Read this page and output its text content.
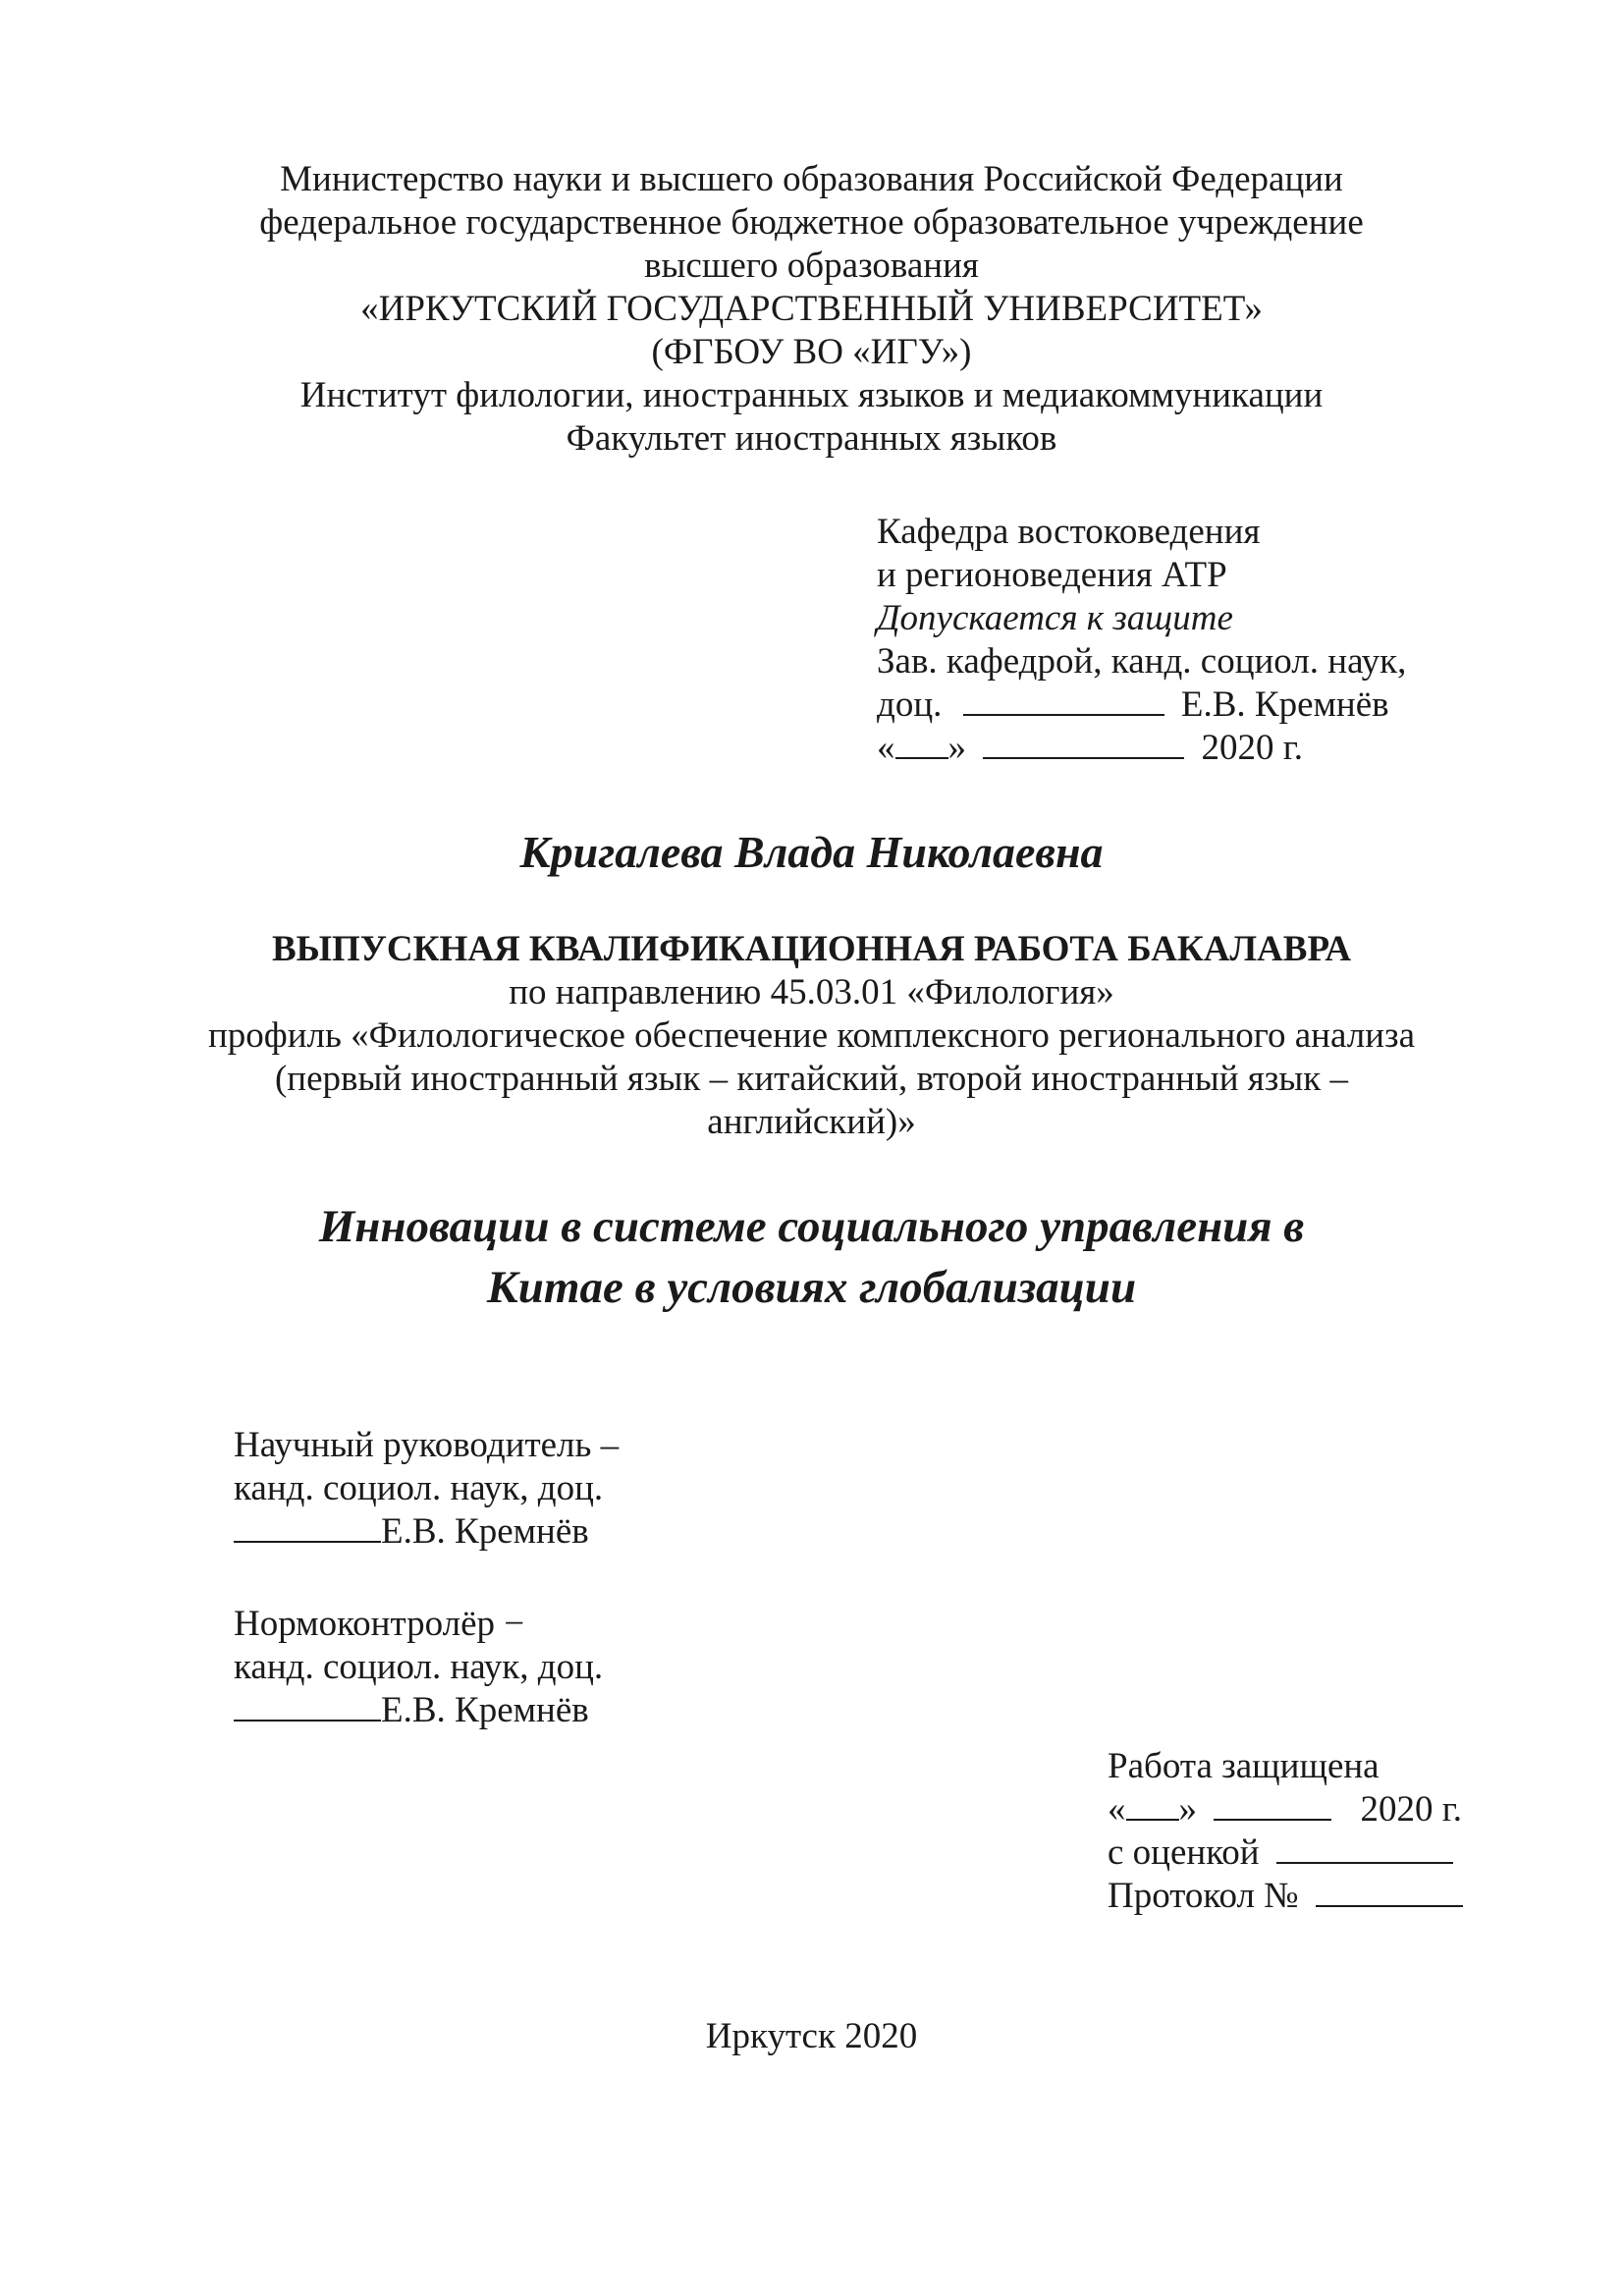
Министерство науки и высшего образования Российской Федерации
федеральное государственное бюджетное образовательное учреждение
высшего образования
«ИРКУТСКИЙ ГОСУДАРСТВЕННЫЙ УНИВЕРСИТЕТ»
(ФГБОУ ВО «ИГУ»)
Институт филологии, иностранных языков и медиакоммуникации
Факультет иностранных языков
Кафедра востоковедения
и регионоведения АТР
Допускается к защите
Зав. кафедрой, канд. социол. наук,
доц.	Е.В. Кремнёв
« »	2020 г.
Кригалева Влада Николаевна
ВЫПУСКНАЯ КВАЛИФИКАЦИОННАЯ РАБОТА БАКАЛАВРА
по направлению 45.03.01 «Филология»
профиль «Филологическое обеспечение комплексного регионального анализа
(первый иностранный язык – китайский, второй иностранный язык –
английский)»
Инновации в системе социального управления в
Китае в условиях глобализации
Научный руководитель –
канд. социол. наук, доц.
Е.В. Кремнёв
Нормоконтролёр −
канд. социол. наук, доц.
Е.В. Кремнёв
Работа защищена
« »	2020 г.
с оценкой
Протокол №
Иркутск 2020
